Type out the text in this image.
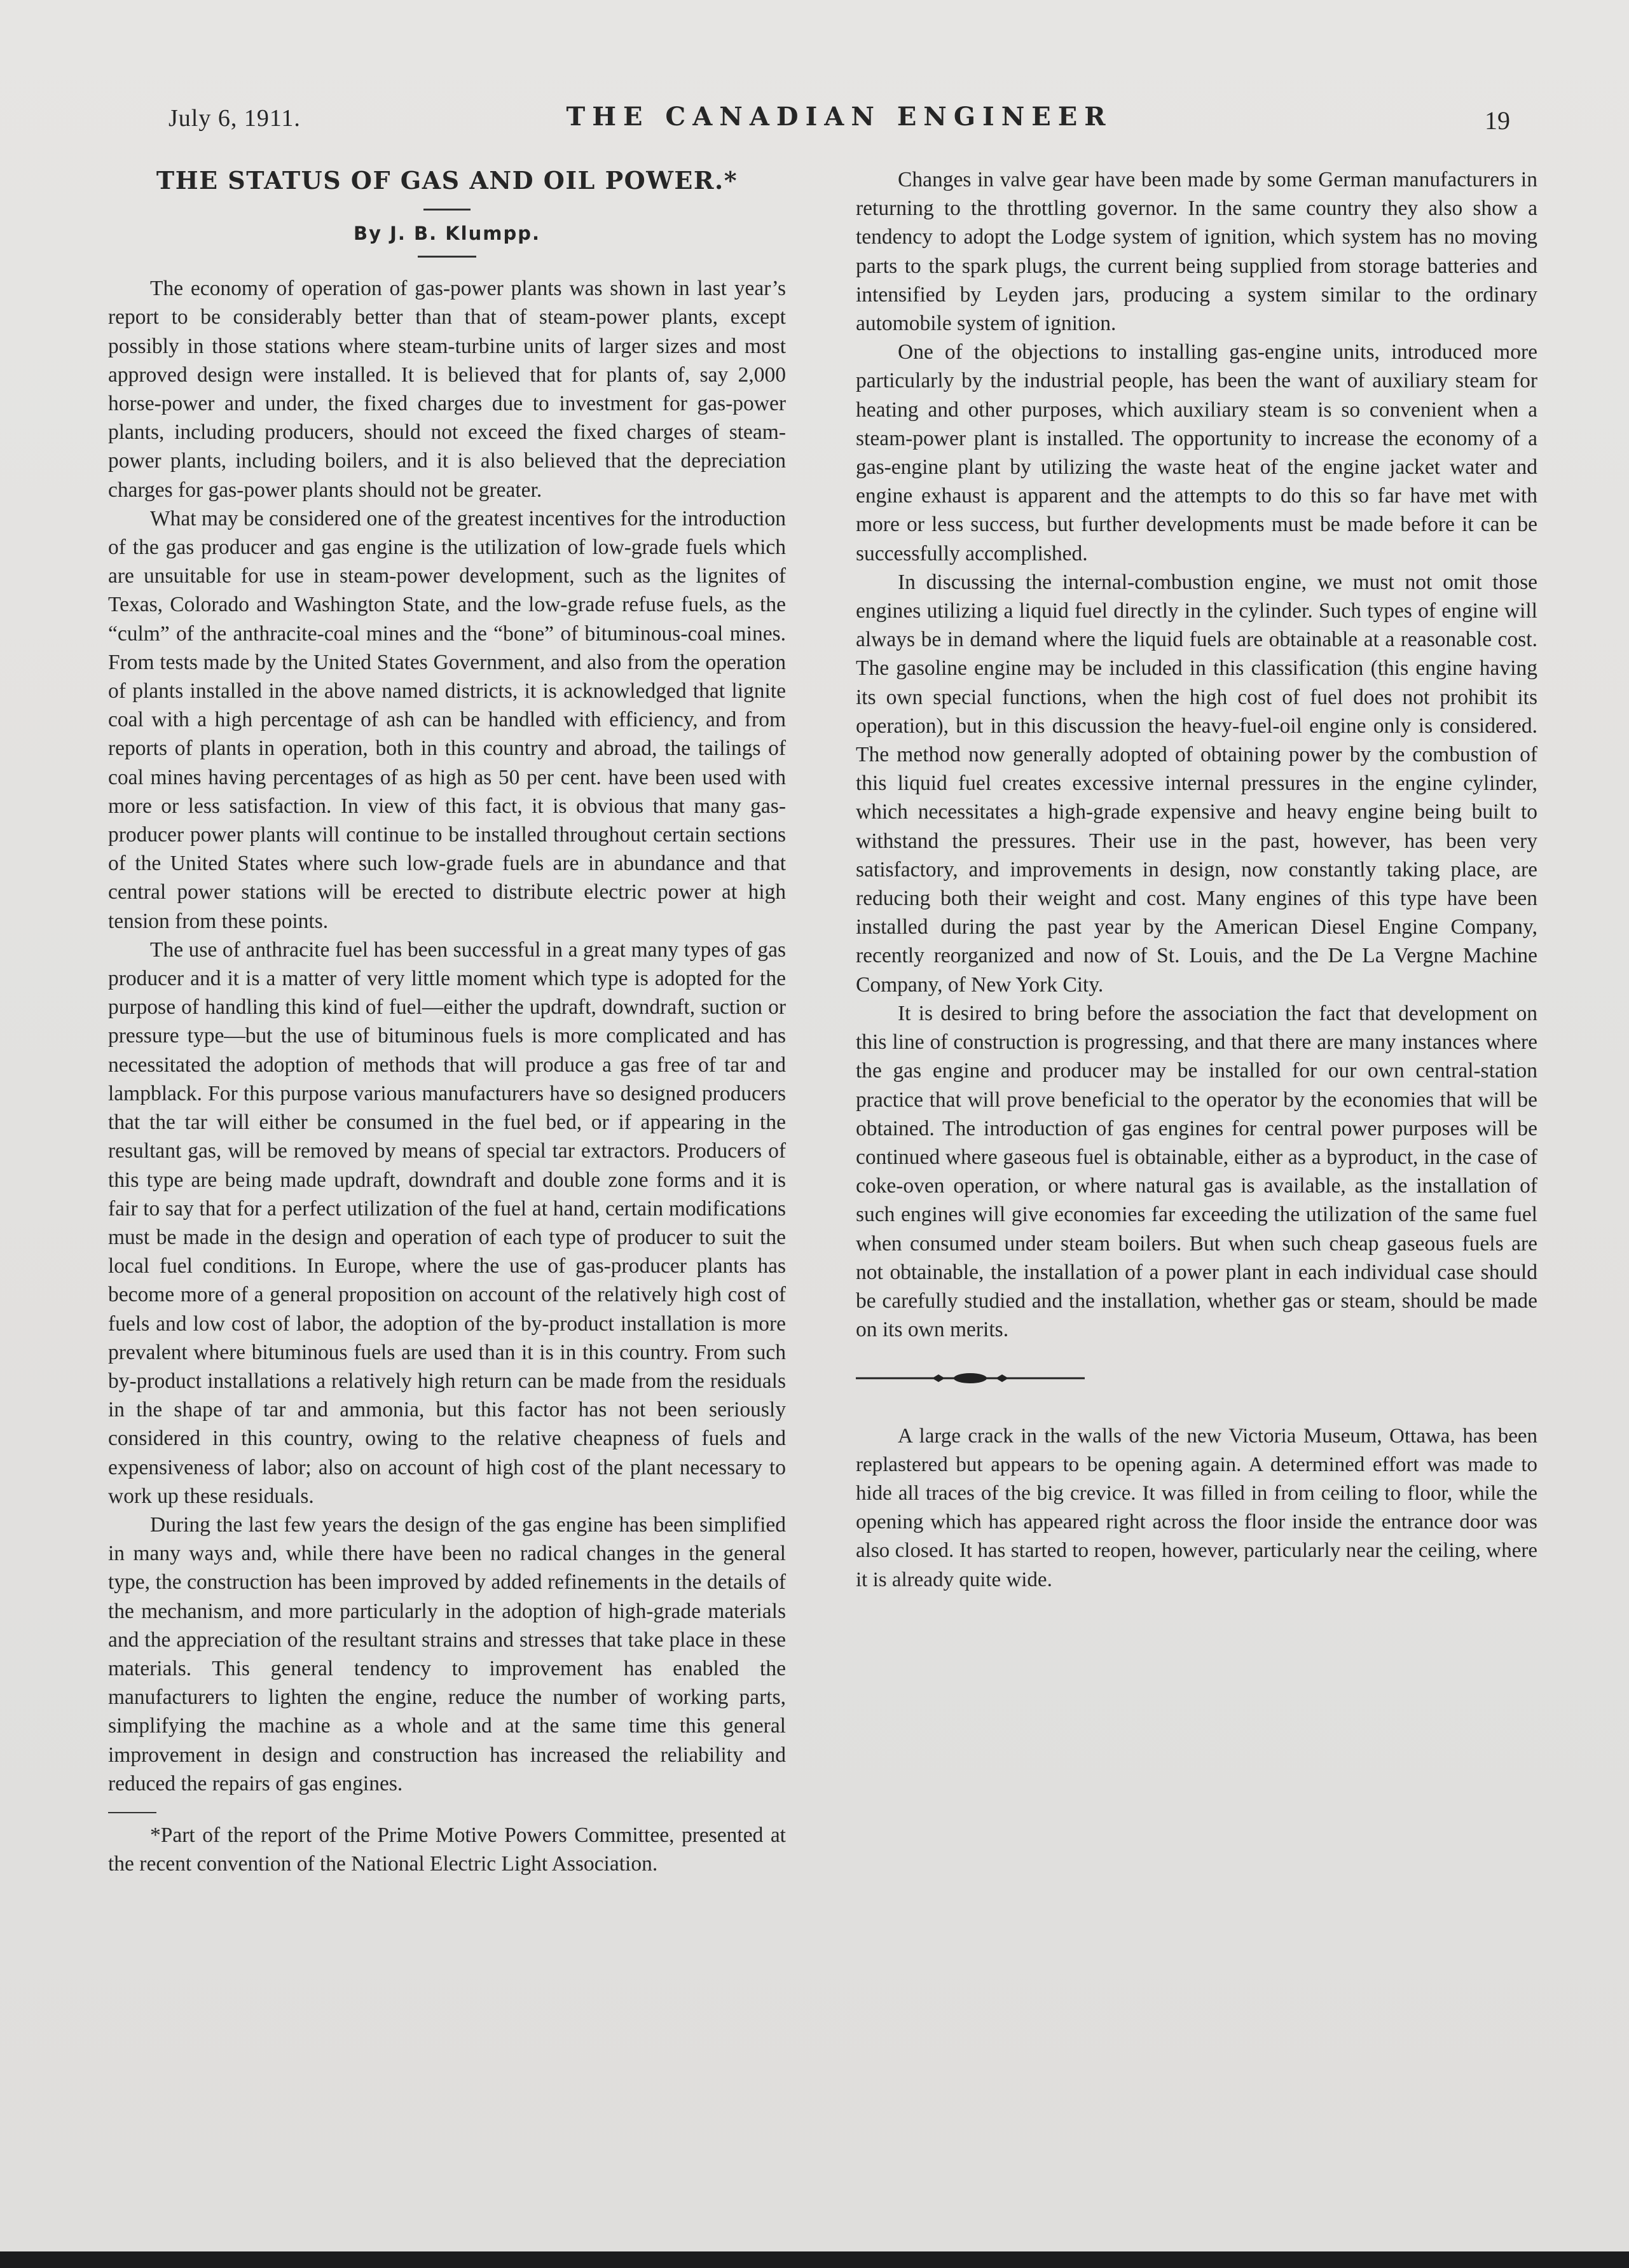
July 6, 1911.	THE CANADIAN ENGINEER	19
THE STATUS OF GAS AND OIL POWER.*
By J. B. Klumpp.

The economy of operation of gas-power plants was shown in last year’s report to be considerably better than that of steam-power plants, except possibly in those stations where steam-turbine units of larger sizes and most approved design were installed. It is believed that for plants of, say 2,000 horse-power and under, the fixed charges due to investment for gas-power plants, including producers, should not exceed the fixed charges of steam-power plants, including boilers, and it is also believed that the depreciation charges for gas-power plants should not be greater.

What may be considered one of the greatest incentives for the introduction of the gas producer and gas engine is the utilization of low-grade fuels which are unsuitable for use in steam-power development, such as the lignites of Texas, Colorado and Washington State, and the low-grade refuse fuels, as the “culm” of the anthracite-coal mines and the “bone” of bituminous-coal mines. From tests made by the United States Government, and also from the operation of plants installed in the above named districts, it is acknowledged that lignite coal with a high percentage of ash can be handled with efficiency, and from reports of plants in operation, both in this country and abroad, the tailings of coal mines having percentages of as high as 50 per cent. have been used with more or less satisfaction. In view of this fact, it is obvious that many gas-producer power plants will continue to be installed throughout certain sections of the United States where such low-grade fuels are in abundance and that central power stations will be erected to distribute electric power at high tension from these points.

The use of anthracite fuel has been successful in a great many types of gas producer and it is a matter of very little moment which type is adopted for the purpose of handling this kind of fuel—either the updraft, downdraft, suction or pressure type—but the use of bituminous fuels is more complicated and has necessitated the adoption of methods that will produce a gas free of tar and lampblack. For this purpose various manufacturers have so designed producers that the tar will either be consumed in the fuel bed, or if appearing in the resultant gas, will be removed by means of special tar extractors. Producers of this type are being made updraft, downdraft and double zone forms and it is fair to say that for a perfect utilization of the fuel at hand, certain modifications must be made in the design and operation of each type of producer to suit the local fuel conditions. In Europe, where the use of gas-producer plants has become more of a general proposition on account of the relatively high cost of fuels and low cost of labor, the adoption of the by-product installation is more prevalent where bituminous fuels are used than it is in this country. From such by-product installations a relatively high return can be made from the residuals in the shape of tar and ammonia, but this factor has not been seriously considered in this country, owing to the relative cheapness of fuels and expensiveness of labor; also on account of high cost of the plant necessary to work up these residuals.

During the last few years the design of the gas engine has been simplified in many ways and, while there have been no radical changes in the general type, the construction has been improved by added refinements in the details of the mechanism, and more particularly in the adoption of high-grade materials and the appreciation of the resultant strains and stresses that take place in these materials. This general tendency to improvement has enabled the manufacturers to lighten the engine, reduce the number of working parts, simplifying the machine as a whole and at the same time this general improvement in design and construction has increased the reliability and reduced the repairs of gas engines.

*Part of the report of the Prime Motive Powers Committee, presented at the recent convention of the National Electric Light Association.

Changes in valve gear have been made by some German manufacturers in returning to the throttling governor. In the same country they also show a tendency to adopt the Lodge system of ignition, which system has no moving parts to the spark plugs, the current being supplied from storage batteries and intensified by Leyden jars, producing a system similar to the ordinary automobile system of ignition.

One of the objections to installing gas-engine units, introduced more particularly by the industrial people, has been the want of auxiliary steam for heating and other purposes, which auxiliary steam is so convenient when a steam-power plant is installed. The opportunity to increase the economy of a gas-engine plant by utilizing the waste heat of the engine jacket water and engine exhaust is apparent and the attempts to do this so far have met with more or less success, but further developments must be made before it can be successfully accomplished.

In discussing the internal-combustion engine, we must not omit those engines utilizing a liquid fuel directly in the cylinder. Such types of engine will always be in demand where the liquid fuels are obtainable at a reasonable cost. The gasoline engine may be included in this classification (this engine having its own special functions, when the high cost of fuel does not prohibit its operation), but in this discussion the heavy-fuel-oil engine only is considered. The method now generally adopted of obtaining power by the combustion of this liquid fuel creates excessive internal pressures in the engine cylinder, which necessitates a high-grade expensive and heavy engine being built to withstand the pressures. Their use in the past, however, has been very satisfactory, and improvements in design, now constantly taking place, are reducing both their weight and cost. Many engines of this type have been installed during the past year by the American Diesel Engine Company, recently reorganized and now of St. Louis, and the De La Vergne Machine Company, of New York City.

It is desired to bring before the association the fact that development on this line of construction is progressing, and that there are many instances where the gas engine and producer may be installed for our own central-station practice that will prove beneficial to the operator by the economies that will be obtained. The introduction of gas engines for central power purposes will be continued where gaseous fuel is obtainable, either as a byproduct, in the case of coke-oven operation, or where natural gas is available, as the installation of such engines will give economies far exceeding the utilization of the same fuel when consumed under steam boilers. But when such cheap gaseous fuels are not obtainable, the installation of a power plant in each individual case should be carefully studied and the installation, whether gas or steam, should be made on its own merits.

A large crack in the walls of the new Victoria Museum, Ottawa, has been replastered but appears to be opening again. A determined effort was made to hide all traces of the big crevice. It was filled in from ceiling to floor, while the opening which has appeared right across the floor inside the entrance door was also closed. It has started to reopen, however, particularly near the ceiling, where it is already quite wide.
